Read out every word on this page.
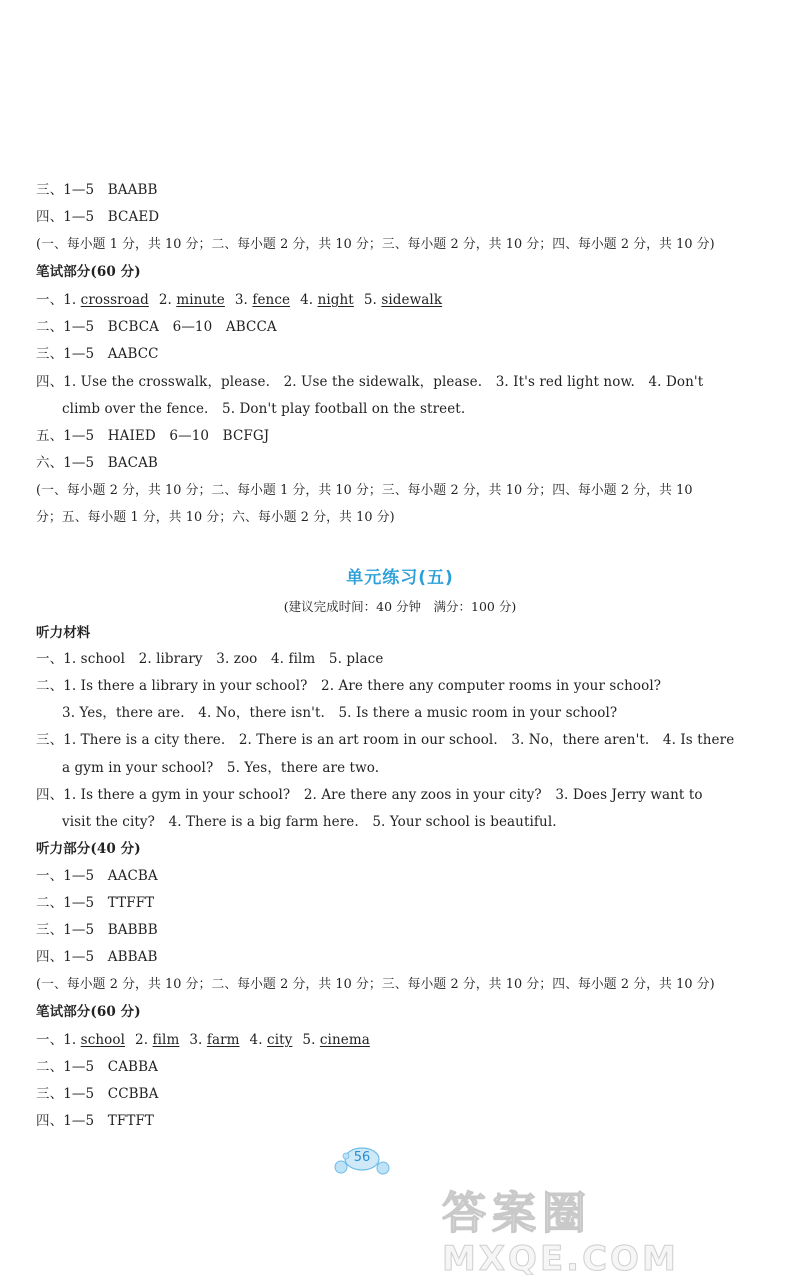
三、1—5　BAABB
四、1—5　BCAED
(一、每小题 1 分，共 10 分；二、每小题 2 分，共 10 分；三、每小题 2 分，共 10 分；四、每小题 2 分，共 10 分)
笔试部分(60 分)
一、1. crossroad 2. minute 3. fence 4. night 5. sidewalk
二、1—5　BCBCA　6—10　ABCCA
三、1—5　AABCC
四、1. Use the crosswalk，please.　2. Use the sidewalk，please.　3. It's red light now.　4. Don't
climb over the fence.　5. Don't play football on the street.
五、1—5　HAIED　6—10　BCFGJ
六、1—5　BACAB
(一、每小题 2 分，共 10 分；二、每小题 1 分，共 10 分；三、每小题 2 分，共 10 分；四、每小题 2 分，共 10
分；五、每小题 1 分，共 10 分；六、每小题 2 分，共 10 分)
单元练习(五)
(建议完成时间：40 分钟　满分：100 分)
听力材料
一、1. school　2. library　3. zoo　4. film　5. place
二、1. Is there a library in your school?　2. Are there any computer rooms in your school?
3. Yes，there are.　4. No，there isn't.　5. Is there a music room in your school?
三、1. There is a city there.　2. There is an art room in our school.　3. No，there aren't.　4. Is there
a gym in your school?　5. Yes，there are two.
四、1. Is there a gym in your school?　2. Are there any zoos in your city?　3. Does Jerry want to
visit the city?　4. There is a big farm here.　5. Your school is beautiful.
听力部分(40 分)
一、1—5　AACBA
二、1—5　TTFFT
三、1—5　BABBB
四、1—5　ABBAB
(一、每小题 2 分，共 10 分；二、每小题 2 分，共 10 分；三、每小题 2 分，共 10 分；四、每小题 2 分，共 10 分)
笔试部分(60 分)
一、1. school 2. film 3. farm 4. city 5. cinema
二、1—5　CABBA
三、1—5　CCBBA
四、1—5　TFTFT
56
答案圈
MXQE.COM
